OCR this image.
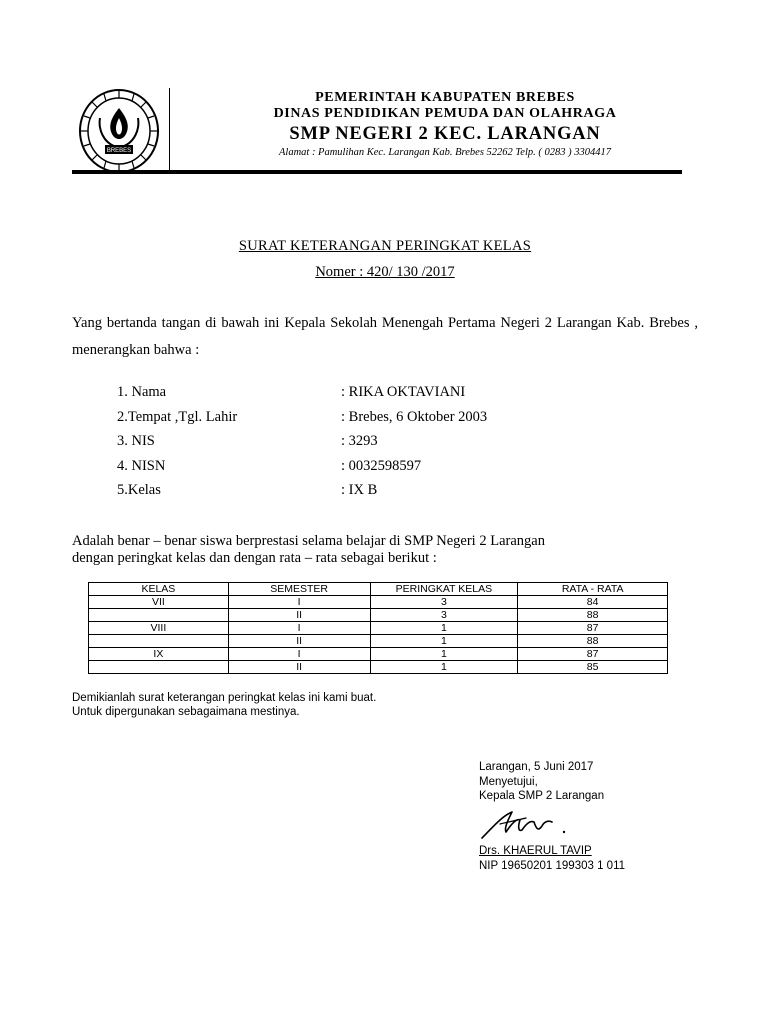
BREBES
PEMERINTAH KABUPATEN BREBES
DINAS PENDIDIKAN PEMUDA DAN OLAHRAGA
SMP NEGERI 2 KEC. LARANGAN
Alamat : Pamulihan Kec. Larangan Kab. Brebes 52262 Telp. ( 0283 ) 3304417
SURAT KETERANGAN PERINGKAT KELAS
Nomer : 420/ 130 /2017
Yang bertanda tangan di bawah ini Kepala Sekolah Menengah Pertama Negeri 2 Larangan Kab. Brebes , menerangkan bahwa :
1. Nama	: RIKA OKTAVIANI
2.Tempat ,Tgl. Lahir	: Brebes, 6 Oktober 2003
3. NIS	: 3293
4. NISN	: 0032598597
5.Kelas	: IX B
Adalah benar – benar siswa berprestasi selama belajar di SMP Negeri 2 Larangan
dengan peringkat kelas dan dengan rata – rata sebagai berikut :
KELAS	SEMESTER	PERINGKAT KELAS	RATA - RATA
VII	I	3	84
	II	3	88
VIII	I	1	87
	II	1	88
IX	I	1	87
	II	1	85
Demikianlah surat keterangan peringkat kelas ini kami buat.
Untuk dipergunakan sebagaimana mestinya.
Larangan, 5 Juni 2017
Menyetujui,
Kepala SMP 2 Larangan
Drs. KHAERUL TAVIP
NIP 19650201 199303 1 011
